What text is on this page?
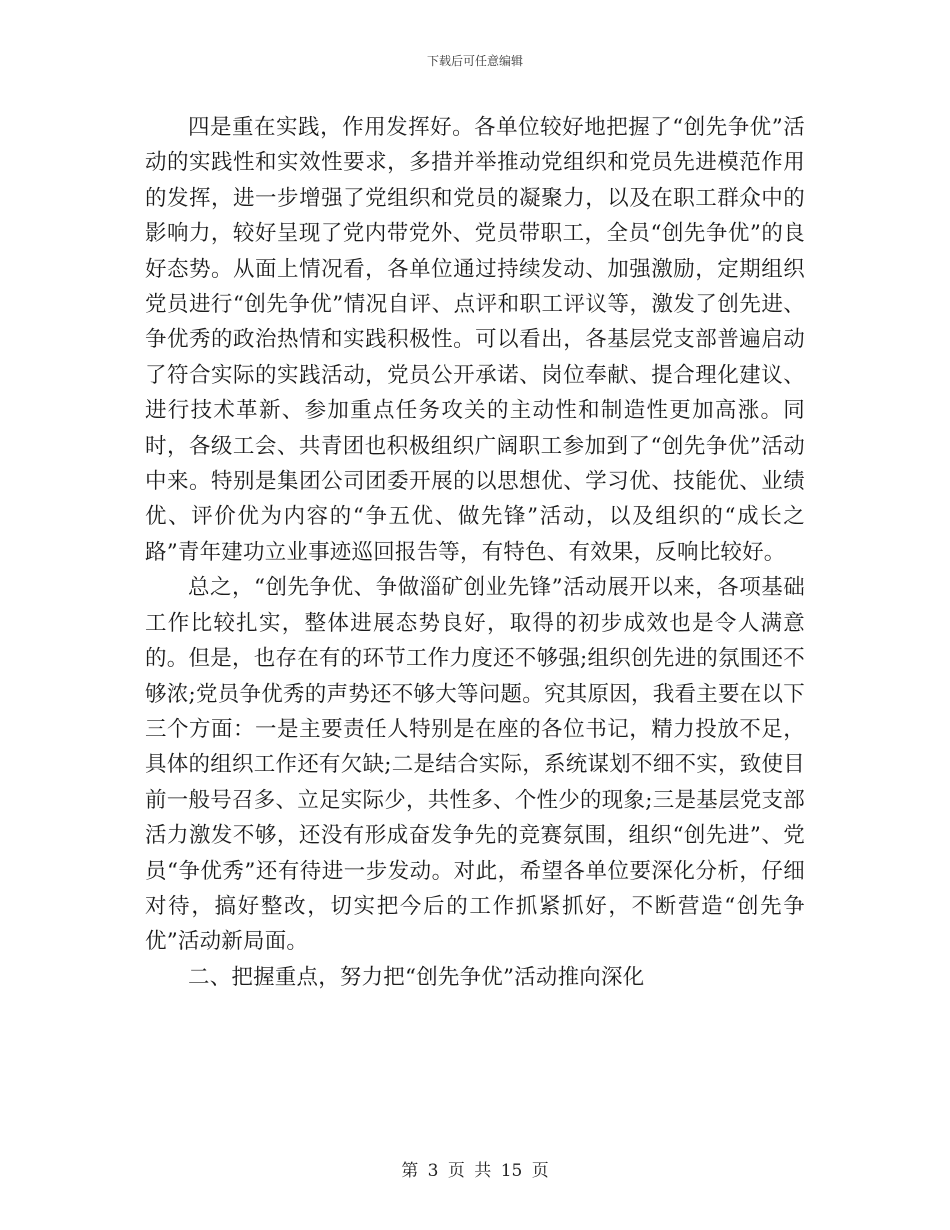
下载后可任意编辑

四是重在实践，作用发挥好。各单位较好地把握了“创先争优”活动的实践性和实效性要求，多措并举推动党组织和党员先进模范作用的发挥，进一步增强了党组织和党员的凝聚力，以及在职工群众中的影响力，较好呈现了党内带党外、党员带职工，全员“创先争优”的良好态势。从面上情况看，各单位通过持续发动、加强激励，定期组织党员进行“创先争优”情况自评、点评和职工评议等，激发了创先进、争优秀的政治热情和实践积极性。可以看出，各基层党支部普遍启动了符合实际的实践活动，党员公开承诺、岗位奉献、提合理化建议、进行技术革新、参加重点任务攻关的主动性和制造性更加高涨。同时，各级工会、共青团也积极组织广阔职工参加到了“创先争优”活动中来。特别是集团公司团委开展的以思想优、学习优、技能优、业绩优、评价优为内容的“争五优、做先锋”活动，以及组织的“成长之路”青年建功立业事迹巡回报告等，有特色、有效果，反响比较好。

总之，“创先争优、争做淄矿创业先锋”活动展开以来，各项基础工作比较扎实，整体进展态势良好，取得的初步成效也是令人满意的。但是，也存在有的环节工作力度还不够强;组织创先进的氛围还不够浓;党员争优秀的声势还不够大等问题。究其原因，我看主要在以下三个方面：一是主要责任人特别是在座的各位书记，精力投放不足，具体的组织工作还有欠缺;二是结合实际，系统谋划不细不实，致使目前一般号召多、立足实际少，共性多、个性少的现象;三是基层党支部活力激发不够，还没有形成奋发争先的竞赛氛围，组织“创先进”、党员“争优秀”还有待进一步发动。对此，希望各单位要深化分析，仔细对待，搞好整改，切实把今后的工作抓紧抓好，不断营造“创先争优”活动新局面。

二、把握重点，努力把“创先争优”活动推向深化

第 3 页 共 15 页
